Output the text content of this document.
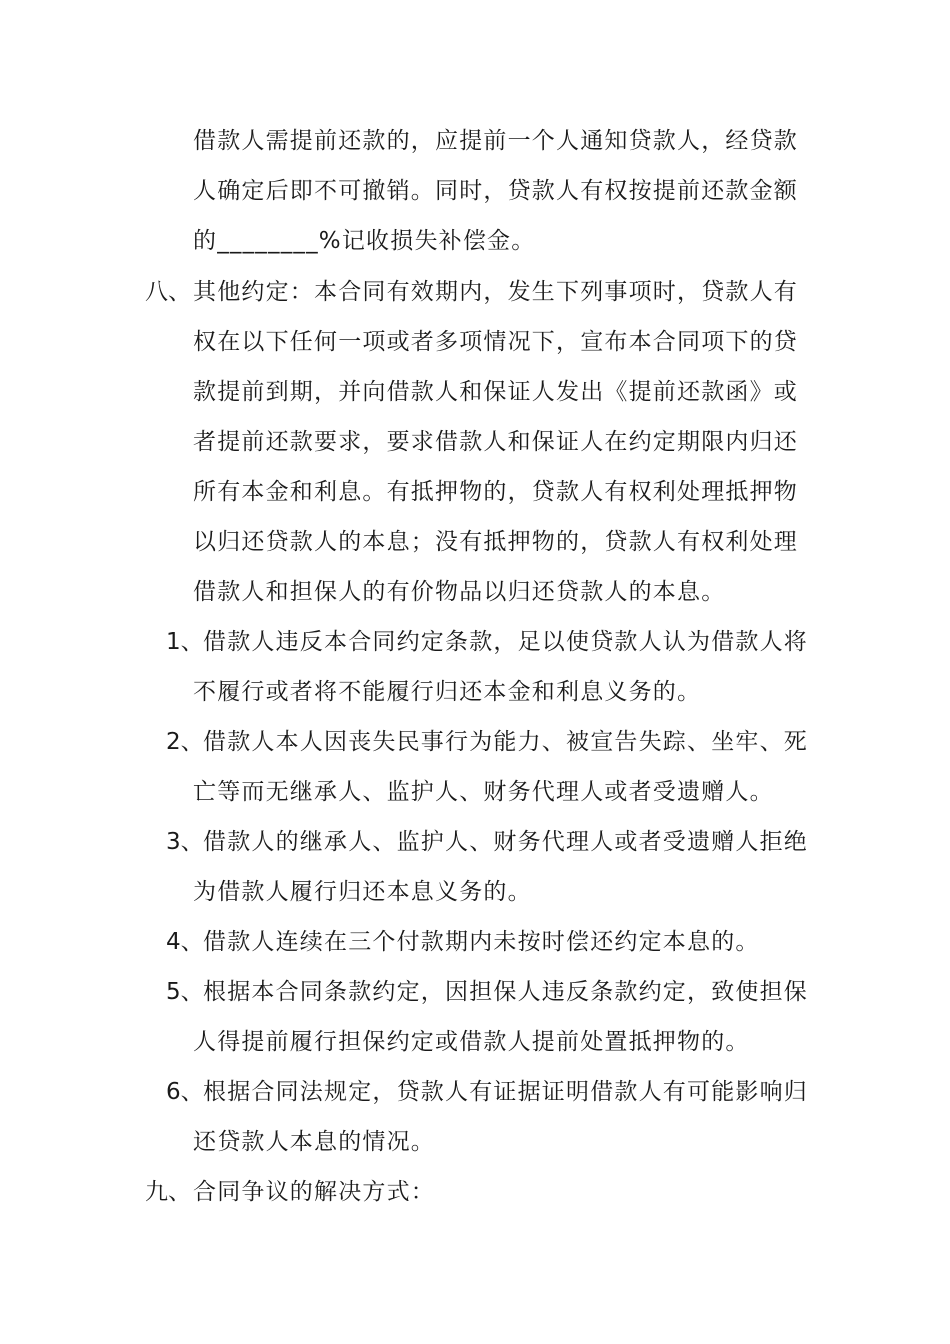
借款人需提前还款的，应提前一个人通知贷款人，经贷款
人确定后即不可撤销。同时，贷款人有权按提前还款金额
的________%记收损失补偿金。
八、 其他约定：本合同有效期内，发生下列事项时，贷款人有
权在以下任何一项或者多项情况下，宣布本合同项下的贷
款提前到期，并向借款人和保证人发出《提前还款函》或
者提前还款要求，要求借款人和保证人在约定期限内归还
所有本金和利息。有抵押物的，贷款人有权利处理抵押物
以归还贷款人的本息；没有抵押物的，贷款人有权利处理
借款人和担保人的有价物品以归还贷款人的本息。
1、 借款人违反本合同约定条款，足以使贷款人认为借款人将
不履行或者将不能履行归还本金和利息义务的。
2、 借款人本人因丧失民事行为能力、被宣告失踪、坐牢、死
亡等而无继承人、监护人、财务代理人或者受遗赠人。
3、 借款人的继承人、监护人、财务代理人或者受遗赠人拒绝
为借款人履行归还本息义务的。
4、 借款人连续在三个付款期内未按时偿还约定本息的。
5、 根据本合同条款约定，因担保人违反条款约定，致使担保
人得提前履行担保约定或借款人提前处置抵押物的。
6、 根据合同法规定，贷款人有证据证明借款人有可能影响归
还贷款人本息的情况。
九、 合同争议的解决方式：
